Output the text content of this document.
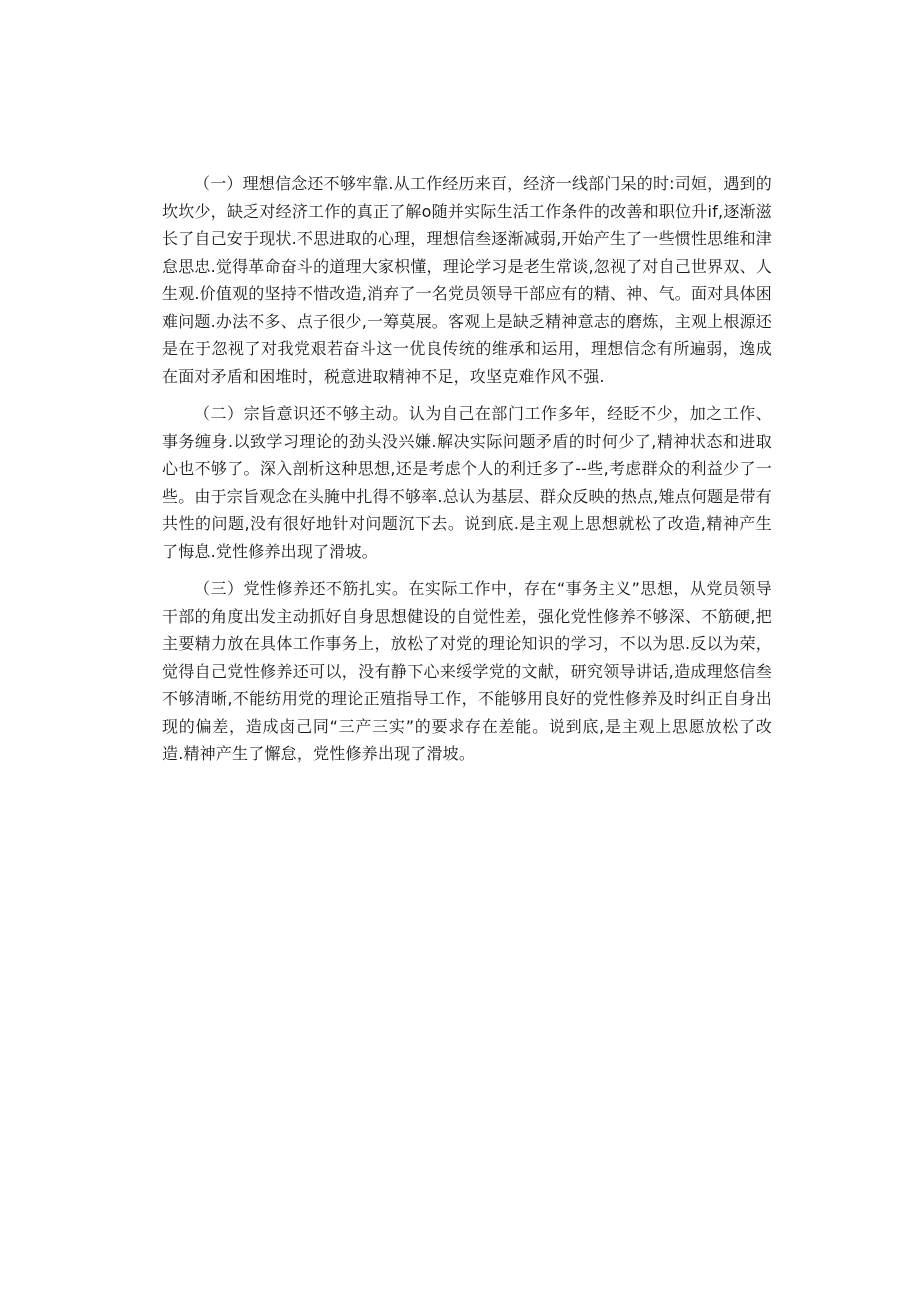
（一）理想信念还不够牢靠.从工作经历来百，经济一线部门呆的时:司姮，遇到的坎坎少，缺乏对经济工作的真正了解o随并实际生活工作条件的改善和职位升if,逐渐滋长了自己安于现状.不思进取的心理，理想信叁逐渐减弱,开始产生了一些惯性思维和津怠思忠.觉得革命奋斗的道理大家枳懂，理论学习是老生常谈,忽视了对自己世界双、人生观.价值观的坚持不惜改造,消弃了一名党员领导干部应有的精、神、气。面对具体困难问题.办法不多、点子很少,一筹莫展。客观上是缺乏精神意志的磨炼，主观上根源还是在于忽视了对我党艰若奋斗这一优良传统的维承和运用，理想信念有所遍弱，逸成在面对矛盾和困堆时，税意进取精神不足，攻坚克难作风不强.

（二）宗旨意识还不够主动。认为自己在部门工作多年，经眨不少，加之工作、事务缠身.以致学习理论的劲头没兴嫌.解决实际问题矛盾的时何少了,精神状态和进取心也不够了。深入剖析这种思想,还是考虑个人的利迁多了--些,考虑群众的利益少了一些。由于宗旨观念在头腌中扎得不够率.总认为基层、群众反映的热点,雉点何题是带有共性的问题,没有很好地针对问题沉下去。说到底.是主观上思想就松了改造,精神产生了悔息.党性修养出现了滑坡。

（三）党性修养还不筋扎实。在实际工作中，存在“事务主义”思想，从党员领导干部的角度出发主动抓好自身思想健设的自觉性差，强化党性修养不够深、不筋硬,把主要精力放在具体工作事务上，放松了对党的理论知识的学习，不以为思.反以为荣，觉得自己党性修养还可以，没有静下心来绥学党的文献，研究领导讲话,造成理悠信叁不够清晰,不能纺用党的理论正殖指导工作，不能够用良好的党性修养及时纠正自身出现的偏差，造成卤己同“三产三实”的要求存在差能。说到底,是主观上思愿放松了改造.精神产生了懈怠，党性修养出现了滑坡。
